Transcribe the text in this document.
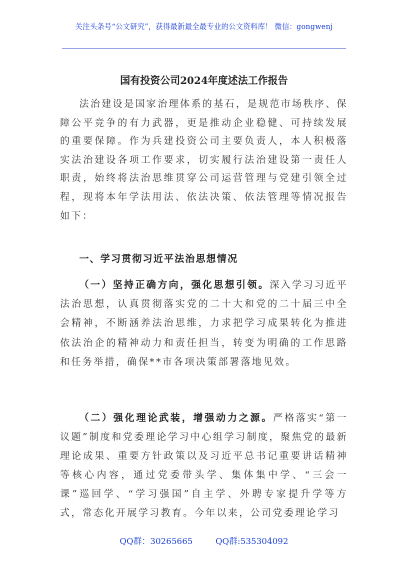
关注头条号“公文研究”，获得最新最全最专业的公文资料库！ 微信：gongwenj
国有投资公司2024年度述法工作报告

法治建设是国家治理体系的基石，是规范市场秩序、保障公平竞争的有力武器，更是推动企业稳健、可持续发展的重要保障。作为兵建投资公司主要负责人，本人积极落实法治建设各项工作要求，切实履行法治建设第一责任人职责，始终将法治思维贯穿公司运营管理与党建引领全过程，现将本年学法用法、依法决策、依法管理等情况报告如下：

一、学习贯彻习近平法治思想情况

（一）坚持正确方向，强化思想引领。深入学习习近平法治思想，认真贯彻落实党的二十大和党的二十届三中全会精神，不断涵养法治思维，力求把学习成果转化为推进依法治企的精神动力和责任担当，转变为明确的工作思路和任务举措，确保**市各项决策部署落地见效。

（二）强化理论武装，增强动力之源。严格落实“第一议题”制度和党委理论学习中心组学习制度，聚焦党的最新理论成果、重要方针政策以及习近平总书记重要讲话精神等核心内容，通过党委带头学、集体集中学、“三会一课”巡回学、“学习强国”自主学、外聘专家提升学等方式，常态化开展学习教育。今年以来，公司党委理论学习

QQ群：30265665	QQ群:535304092
